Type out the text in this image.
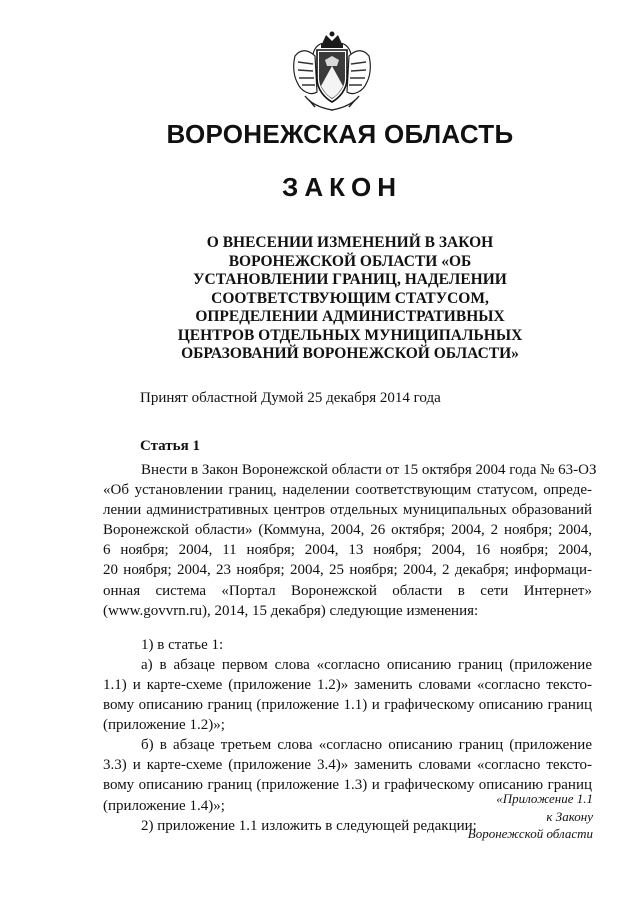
ВОРОНЕЖСКАЯ ОБЛАСТЬ
ЗАКОН
О ВНЕСЕНИИ ИЗМЕНЕНИЙ В ЗАКОН
ВОРОНЕЖСКОЙ ОБЛАСТИ «ОБ
УСТАНОВЛЕНИИ ГРАНИЦ, НАДЕЛЕНИИ
СООТВЕТСТВУЮЩИМ СТАТУСОМ,
ОПРЕДЕЛЕНИИ АДМИНИСТРАТИВНЫХ
ЦЕНТРОВ ОТДЕЛЬНЫХ МУНИЦИПАЛЬНЫХ
ОБРАЗОВАНИЙ ВОРОНЕЖСКОЙ ОБЛАСТИ»
Принят областной Думой 25 декабря 2014 года
Статья 1
Внести в Закон Воронежской области от 15 октября 2004 года № 63-ОЗ
«Об установлении границ, наделении соответствующим статусом, опреде-
лении административных центров отдельных муниципальных образований
Воронежской области» (Коммуна, 2004, 26 октября; 2004, 2 ноября; 2004,
6 ноября; 2004, 11 ноября; 2004, 13 ноября; 2004, 16 ноября; 2004,
20 ноября; 2004, 23 ноября; 2004, 25 ноября; 2004, 2 декабря; информаци-
онная система «Портал Воронежской области в сети Интернет»
(www.govvrn.ru), 2014, 15 декабря) следующие изменения:
1) в статье 1:
а) в абзаце первом слова «согласно описанию границ (приложение
1.1) и карте-схеме (приложение 1.2)» заменить словами «согласно тексто-
вому описанию границ (приложение 1.1) и графическому описанию границ
(приложение 1.2)»;
б) в абзаце третьем слова «согласно описанию границ (приложение
3.3) и карте-схеме (приложение 3.4)» заменить словами «согласно тексто-
вому описанию границ (приложение 1.3) и графическому описанию границ
(приложение 1.4)»;
2) приложение 1.1 изложить в следующей редакции:
«Приложение 1.1
к Закону
Воронежской области
